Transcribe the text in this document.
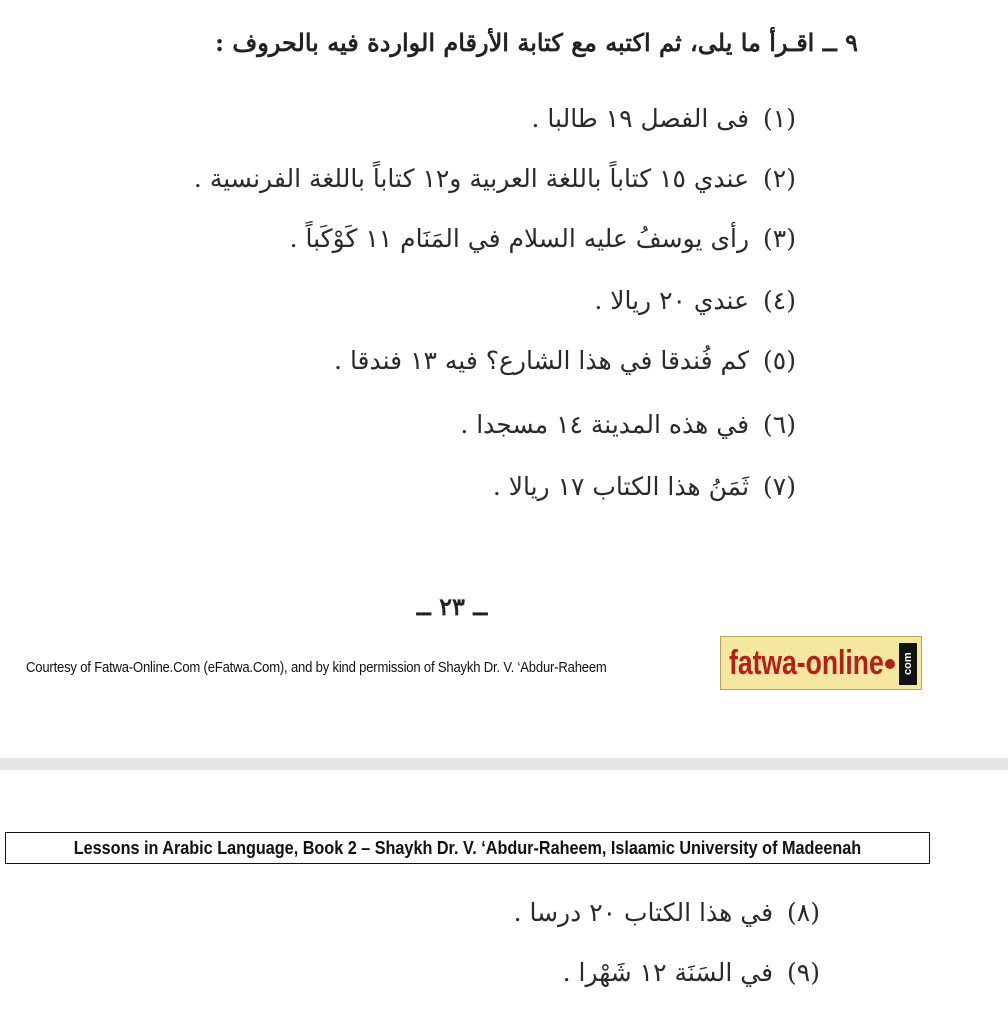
٩ ــ اقـرأ ما يلى، ثم اكتبه مع كتابة الأرقام الواردة فيه بالحروف :
(١)فى الفصل ١٩ طالبا .
(٢)عندي ١٥ كتاباً باللغة العربية و١٢ كتاباً باللغة الفرنسية .
(٣)رأى يوسفُ عليه السلام في المَنَام ١١ كَوْكَباً .
(٤)عندي ٢٠ ريالا .
(٥)كم فُندقا في هذا الشارع؟ فيه ١٣ فندقا .
(٦)في هذه المدينة ١٤ مسجدا .
(٧)ثَمَنُ هذا الكتاب ١٧ ريالا .
ــ ٢٣ ــ
Courtesy of Fatwa-Online.Com (eFatwa.Com), and by kind permission of Shaykh Dr. V. ‘Abdur-Raheem	fatwa-online com
Lessons in Arabic Language, Book 2 – Shaykh Dr. V. ‘Abdur-Raheem, Islaamic University of Madeenah
(٨)في هذا الكتاب ٢٠ درسا .
(٩)في السَنَة ١٢ شَهْرا .
